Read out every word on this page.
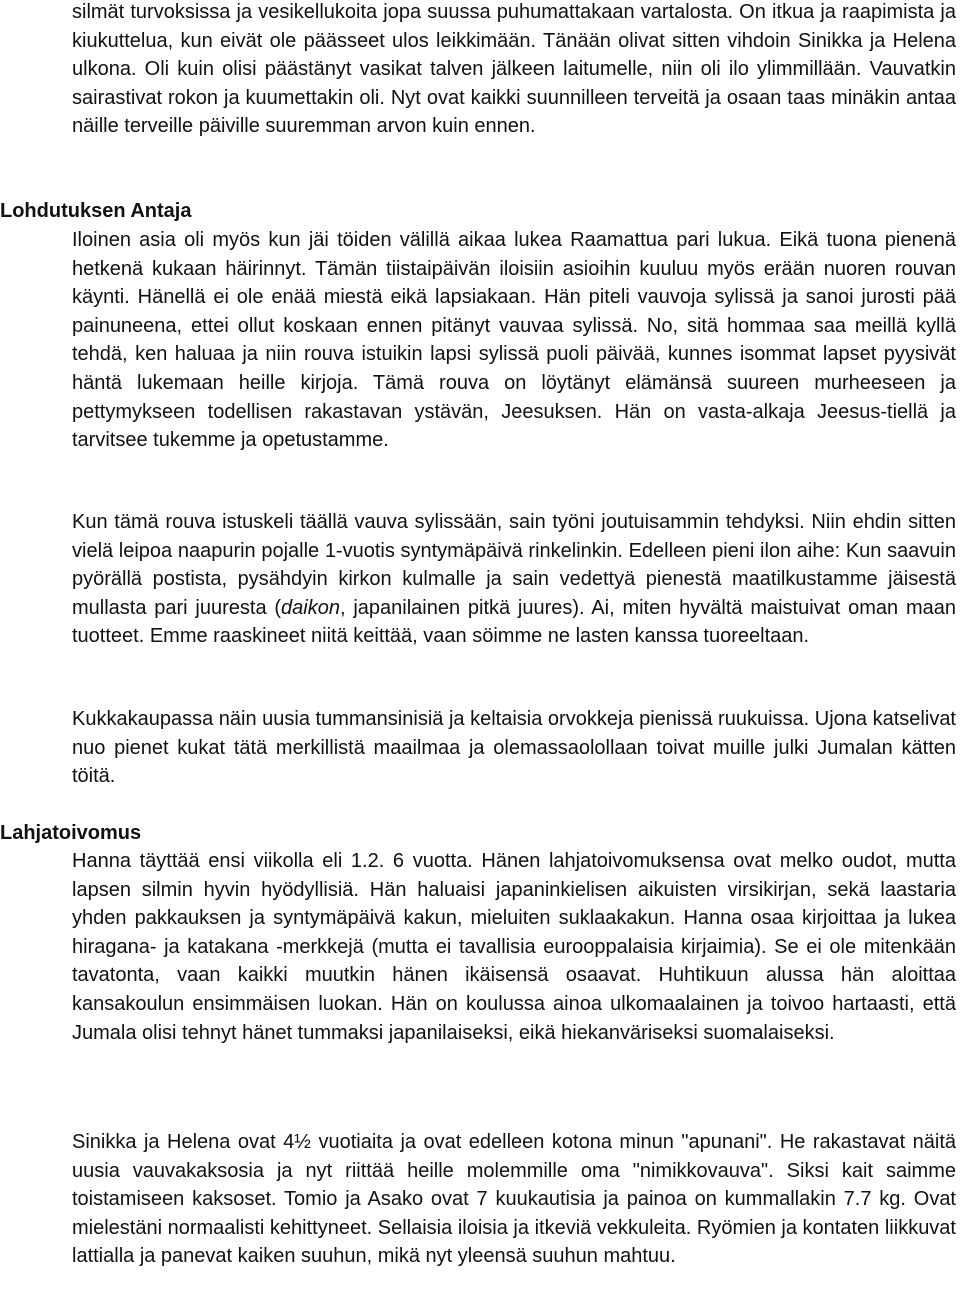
silmät turvoksissa ja vesikellukoita jopa suussa puhumattakaan vartalosta. On itkua ja raapimista ja kiukuttelua, kun eivät ole päässeet ulos leikkimään. Tänään olivat sitten vihdoin Sinikka ja Helena ulkona. Oli kuin olisi päästänyt vasikat talven jälkeen laitumelle, niin oli ilo ylimmillään. Vauvatkin sairastivat rokon ja kuumettakin oli. Nyt ovat kaikki suunnilleen terveitä ja osaan taas minäkin antaa näille terveille päiville suuremman arvon kuin ennen.

Lohdutuksen Antaja

Iloinen asia oli myös kun jäi töiden välillä aikaa lukea Raamattua pari lukua. Eikä tuona pienenä hetkenä kukaan häirinnyt. Tämän tiistaipäivän iloisiin asioihin kuuluu myös erään nuoren rouvan käynti. Hänellä ei ole enää miestä eikä lapsiakaan. Hän piteli vauvoja sylissä ja sanoi jurosti pää painuneena, ettei ollut koskaan ennen pitänyt vauvaa sylissä. No, sitä hommaa saa meillä kyllä tehdä, ken haluaa ja niin rouva istuikin lapsi sylissä puoli päivää, kunnes isommat lapset pyysivät häntä lukemaan heille kirjoja. Tämä rouva on löytänyt elämänsä suureen murheeseen ja pettymykseen todellisen rakastavan ystävän, Jeesuksen. Hän on vasta-alkaja Jeesus-tiellä ja tarvitsee tukemme ja opetustamme.

Kun tämä rouva istuskeli täällä vauva sylissään, sain työni joutuisammin tehdyksi. Niin ehdin sitten vielä leipoa naapurin pojalle 1-vuotis syntymäpäivä rinkelinkin. Edelleen pieni ilon aihe: Kun saavuin pyörällä postista, pysähdyin kirkon kulmalle ja sain vedettyä pienestä maatilkustamme jäisestä mullasta pari juuresta (daikon, japanilainen pitkä juures). Ai, miten hyvältä maistuivat oman maan tuotteet. Emme raaskineet niitä keittää, vaan söimme ne lasten kanssa tuoreeltaan.

Kukkakaupassa näin uusia tummansinisiä ja keltaisia orvokkeja pienissä ruukuissa. Ujona katselivat nuo pienet kukat tätä merkillistä maailmaa ja olemassaolollaan toivat muille julki Jumalan kätten töitä.

Lahjatoivomus

Hanna täyttää ensi viikolla eli 1.2. 6 vuotta. Hänen lahjatoivomuksensa ovat melko oudot, mutta lapsen silmin hyvin hyödyllisiä. Hän haluaisi japaninkielisen aikuisten virsikirjan, sekä laastaria yhden pakkauksen ja syntymäpäivä kakun, mieluiten suklaakakun. Hanna osaa kirjoittaa ja lukea hiragana- ja katakana -merkkejä (mutta ei tavallisia eurooppalaisia kirjaimia). Se ei ole mitenkään tavatonta, vaan kaikki muutkin hänen ikäisensä osaavat. Huhtikuun alussa hän aloittaa kansakoulun ensimmäisen luokan. Hän on koulussa ainoa ulkomaalainen ja toivoo hartaasti, että Jumala olisi tehnyt hänet tummaksi japanilaiseksi, eikä hiekanväriseksi suomalaiseksi.

Sinikka ja Helena ovat 4½ vuotiaita ja ovat edelleen kotona minun "apunani". He rakastavat näitä uusia vauvakaksosia ja nyt riittää heille molemmille oma "nimikkovauva". Siksi kait saimme toistamiseen kaksoset. Tomio ja Asako ovat 7 kuukautisia ja painoa on kummallakin 7.7 kg. Ovat mielestäni normaalisti kehittyneet. Sellaisia iloisia ja itkeviä vekkuleita. Ryömien ja kontaten liikkuvat lattialla ja panevat kaiken suuhun, mikä nyt yleensä suuhun mahtuu.
